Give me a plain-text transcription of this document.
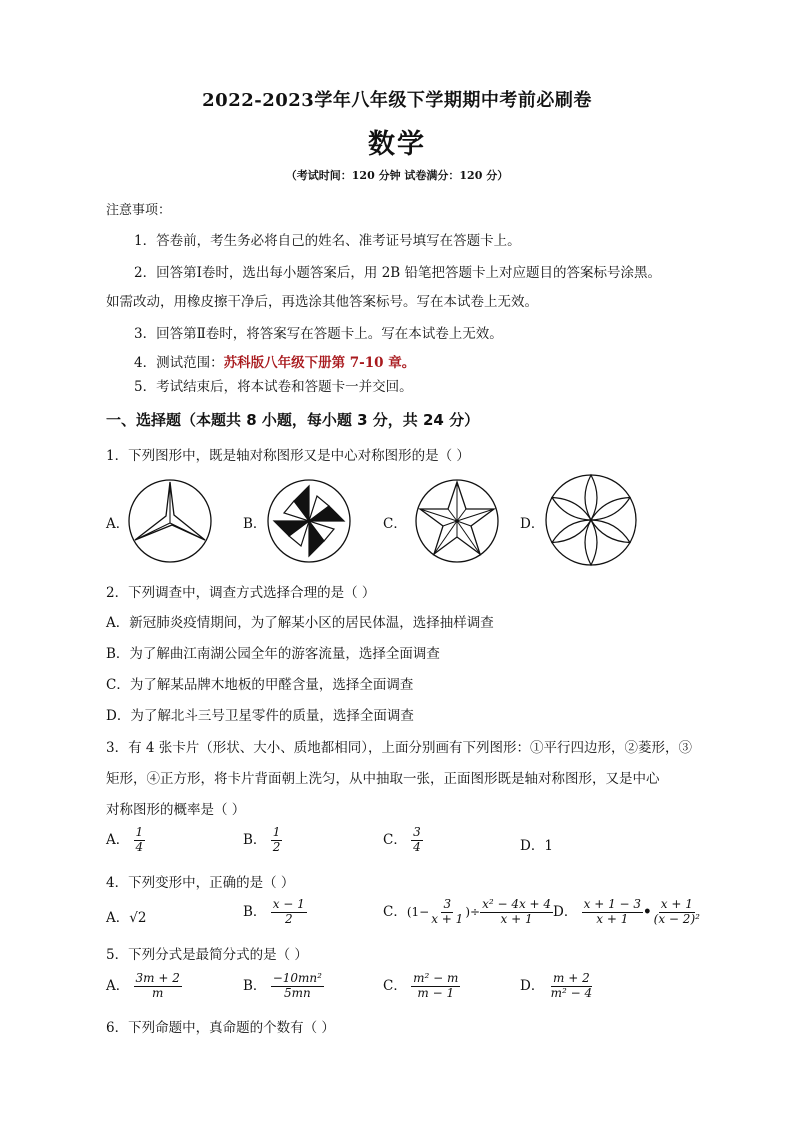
2022-2023学年八年级下学期期中考前必刷卷
数学
（考试时间：120 分钟 试卷满分：120 分）
注意事项：
1．答卷前，考生务必将自己的姓名、准考证号填写在答题卡上。
2．回答第Ⅰ卷时，选出每小题答案后，用 2B 铅笔把答题卡上对应题目的答案标号涂黑。
如需改动，用橡皮擦干净后，再选涂其他答案标号。写在本试卷上无效。
3．回答第Ⅱ卷时，将答案写在答题卡上。写在本试卷上无效。
4．测试范围：苏科版八年级下册第 7-10 章。
5．考试结束后，将本试卷和答题卡一并交回。
一、选择题（本题共 8 小题，每小题 3 分，共 24 分）
1．下列图形中，既是轴对称图形又是中心对称图形的是（ ）
A．	B．	C．	D．
2．下列调查中，调查方式选择合理的是（ ）
A．新冠肺炎疫情期间，为了解某小区的居民体温，选择抽样调查
B．为了解曲江南湖公园全年的游客流量，选择全面调查
C．为了解某品牌木地板的甲醛含量，选择全面调查
D．为了解北斗三号卫星零件的质量，选择全面调查
3．有 4 张卡片（形状、大小、质地都相同），上面分别画有下列图形：①平行四边形，②菱形，③
矩形，④正方形，将卡片背面朝上洗匀，从中抽取一张，正面图形既是轴对称图形，又是中心
对称图形的概率是（ ）
A． $\frac{1}{4}$	B． $\frac{1}{2}$	C． $\frac{3}{4}$	D．1
4．下列变形中，正确的是（ ）
A．√2	B． $\frac{x - 1}{2}$	C．($1- \frac{3}{x + 1}$ )÷ $\frac{\text{x² − 4x + 4}}{x + 1}$ D． $\frac{x + 1 - 3}{x + 1}$ • $\frac{x + 1}{\text{(x − 2)²}}$
5．下列分式是最简分式的是（ ）
A． $\frac{3m + 2}{m}$	B． $\frac{\text{−10mn²}}{5mn}$	C． $\frac{\text{m² − m}}{m - 1}$	D． $\frac{m + 2}{\text{m² − 4}}$
6．下列命题中，真命题的个数有（ ）
